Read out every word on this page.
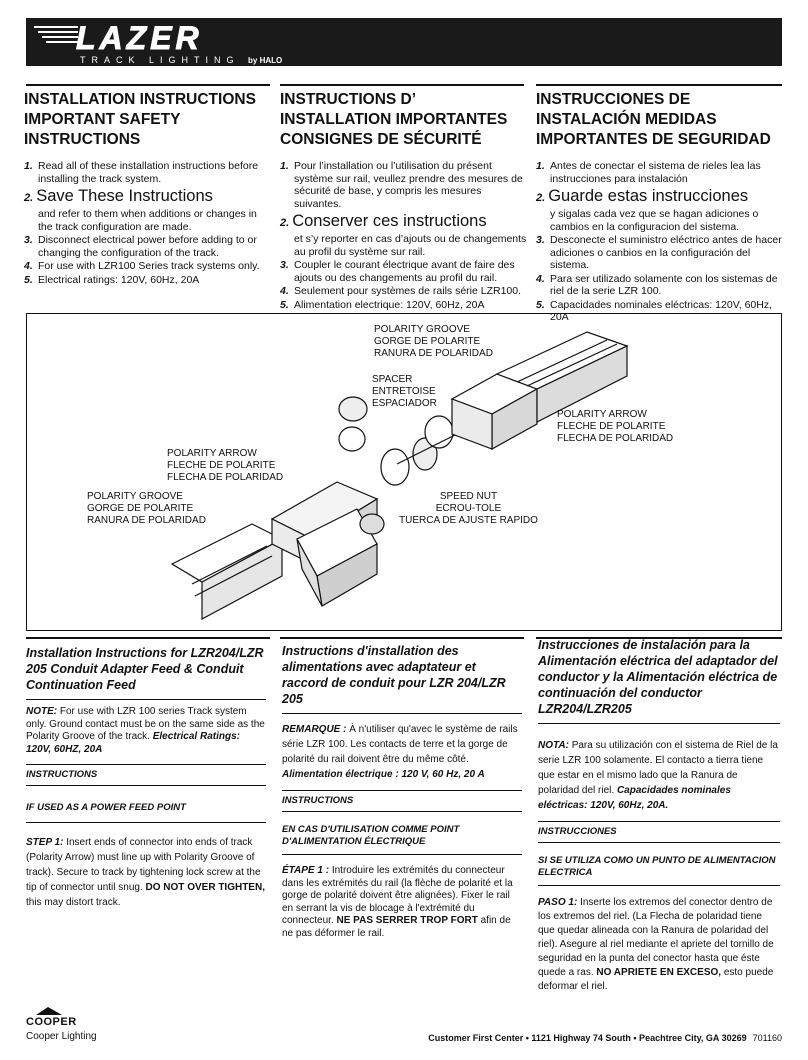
LAZER
TRACK LIGHTING by HALO
INSTALLATION INSTRUCTIONS IMPORTANT SAFETY INSTRUCTIONS
1. Read all of these installation instructions before installing the track system.
2. Save These Instructions
and refer to them when additions or changes in the track configuration are made.
3. Disconnect electrical power before adding to or changing the configuration of the track.
4. For use with LZR100 Series track systems only.
5. Electrical ratings: 120V, 60Hz, 20A
INSTRUCTIONS D’ INSTALLATION IMPORTANTES CONSIGNES DE SÉCURITÉ
1. Pour l’installation ou l’utilisation du présent système sur rail, veullez prendre des mesures de sécurité de base, y compris les mesures suivantes.
2. Conserver ces instructions
et s’y reporter en cas d’ajouts ou de changements au profil du système sur rail.
3. Coupler le courant électrique avant de faire des ajouts ou des changements au profil du rail.
4. Seulement pour systèmes de rails série LZR100.
5. Alimentation electrique: 120V, 60Hz, 20A
INSTRUCCIONES DE INSTALACIÓN MEDIDAS IMPORTANTES DE SEGURIDAD
1. Antes de conectar el sistema de rieles lea las instrucciones para instalación
2. Guarde estas instrucciones
y sigalas cada vez que se hagan adiciones o cambios en la configuracion del sistema.
3. Desconecte el suministro eléctrico antes de hacer adiciones o canbios en la configuración del sistema.
4. Para ser utilizado solamente con los sistemas de riel de la serie LZR 100.
5. Capacidades nominales eléctricas: 120V, 60Hz, 20A
POLARITY GROOVE
GORGE DE POLARITE
RANURA DE POLARIDAD
SPACER
ENTRETOISE
ESPACIADOR
POLARITY ARROW
FLECHE DE POLARITE
FLECHA DE POLARIDAD
POLARITY ARROW
FLECHE DE POLARITE
FLECHA DE POLARIDAD
POLARITY GROOVE
GORGE DE POLARITE
RANURA DE POLARIDAD
SPEED NUT
ECROU-TOLE
TUERCA DE AJUSTE RAPIDO

Installation Instructions for LZR204/LZR 205 Conduit Adapter Feed & Conduit Continuation Feed

NOTE: For use with LZR 100 series Track system only. Ground contact must be on the same side as the Polarity Groove of the track. Electrical Ratings: 120V, 60HZ, 20A

INSTRUCTIONS
IF USED AS A POWER FEED POINT

STEP 1: Insert ends of connector into ends of track (Polarity Arrow) must line up with Polarity Groove of track). Secure to track by tightening lock screw at the tip of connector until snug. DO NOT OVER TIGHTEN, this may distort track.

Instructions d'installation des alimentations avec adaptateur et raccord de conduit pour LZR 204/LZR 205

REMARQUE : À n'utiliser qu'avec le système de rails série LZR 100. Les contacts de terre et la gorge de polarité du rail doivent être du même côté. Alimentation électrique : 120 V, 60 Hz, 20 A

INSTRUCTIONS
EN CAS D'UTILISATION COMME POINT D'ALIMENTATION ÉLECTRIQUE

ÉTAPE 1 : Introduire les extrémités du connecteur dans les extrémités du rail (la flèche de polarité et la gorge de polarité doivent être alignées). Fixer le rail en serrant la vis de blocage à l'extrémité du connecteur. NE PAS SERRER TROP FORT afin de ne pas déformer le rail.

Instrucciones de instalación para la Alimentación eléctrica del adaptador del conductor y la Alimentación eléctrica de continuación del conductor LZR204/LZR205

NOTA: Para su utilización con el sistema de Riel de la serie LZR 100 solamente. El contacto a tierra tiene que estar en el mismo lado que la Ranura de polaridad del riel. Capacidades nominales eléctricas: 120V, 60Hz, 20A.

INSTRUCCIONES
SI SE UTILIZA COMO UN PUNTO DE ALIMENTACION ELECTRICA

PASO 1: Inserte los extremos del conector dentro de los extremos del riel. (La Flecha de polaridad tiene que quedar alineada con la Ranura de polaridad del riel). Asegure al riel mediante el apriete del tornillo de seguridad en la punta del conector hasta que éste quede a ras. NO APRIETE EN EXCESO, esto puede deformar el riel.

COOPER
Cooper Lighting	Customer First Center • 1121 Highway 74 South • Peachtree City, GA 30269 701160
